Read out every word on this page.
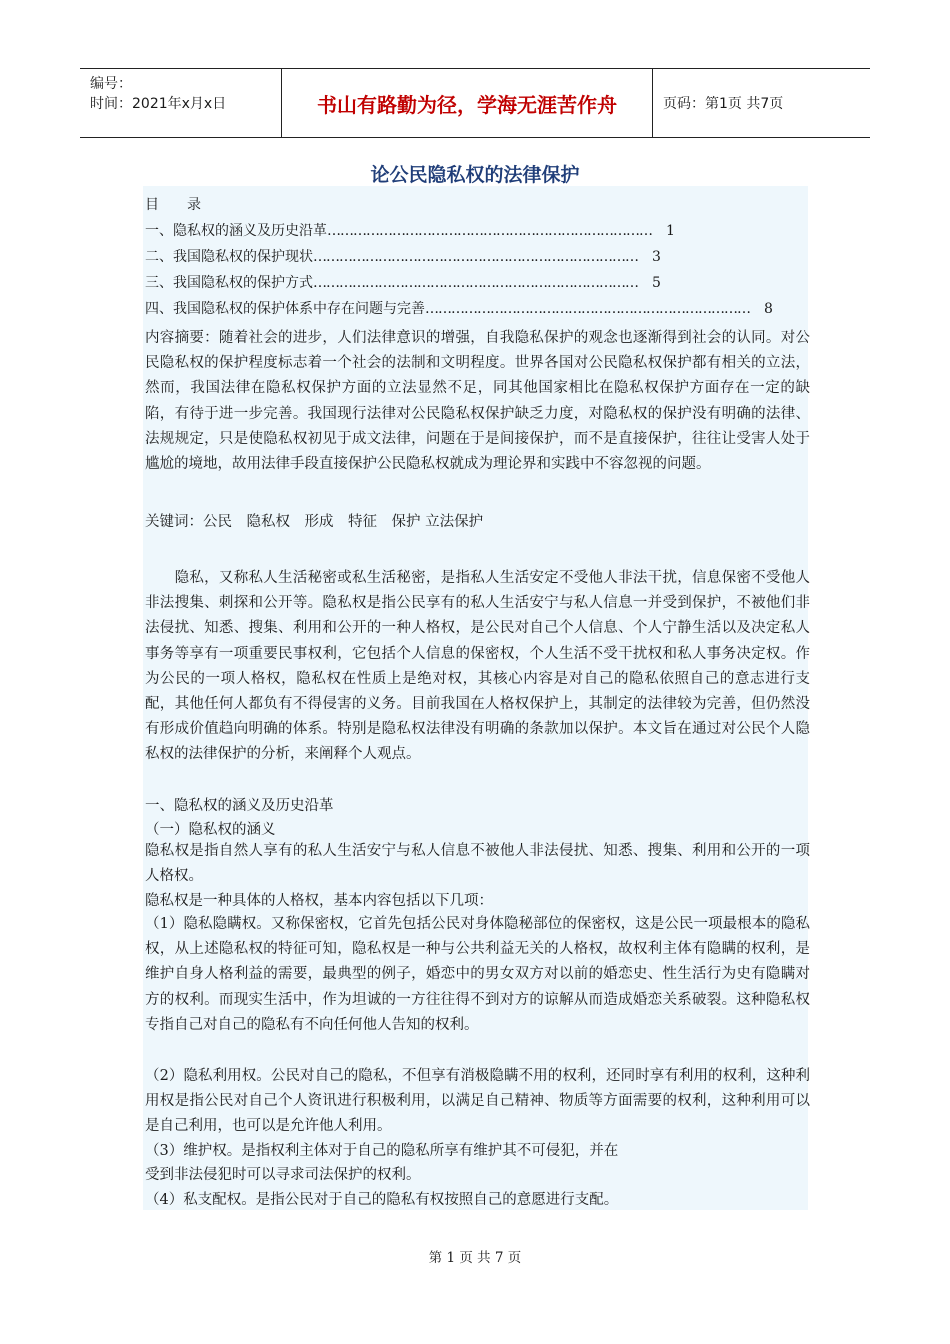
编号：
时间：2021年x月x日	书山有路勤为径，学海无涯苦作舟	页码：第1页 共7页
论公民隐私权的法律保护
目　　录
一、隐私权的涵义及历史沿革 …………………………………………………………………	1
二、我国隐私权的保护现状 …………………………………………………………………	3
三、我国隐私权的保护方式 …………………………………………………………………	5
四、我国隐私权的保护体系中存在问题与完善 …………………………………………………………………	8

内容摘要：随着社会的进步，人们法律意识的增强，自我隐私保护的观念也逐渐得到社会的认同。对公民隐私权的保护程度标志着一个社会的法制和文明程度。世界各国对公民隐私权保护都有相关的立法，然而，我国法律在隐私权保护方面的立法显然不足，同其他国家相比在隐私权保护方面存在一定的缺陷，有待于进一步完善。我国现行法律对公民隐私权保护缺乏力度，对隐私权的保护没有明确的法律、法规规定，只是使隐私权初见于成文法律，问题在于是间接保护，而不是直接保护，往往让受害人处于尴尬的境地，故用法律手段直接保护公民隐私权就成为理论界和实践中不容忽视的问题。

关键词：公民　隐私权　形成　特征　保护 立法保护

　　隐私，又称私人生活秘密或私生活秘密，是指私人生活安定不受他人非法干扰，信息保密不受他人非法搜集、刺探和公开等。隐私权是指公民享有的私人生活安宁与私人信息一并受到保护，不被他们非法侵扰、知悉、搜集、利用和公开的一种人格权，是公民对自己个人信息、个人宁静生活以及决定私人事务等享有一项重要民事权利，它包括个人信息的保密权，个人生活不受干扰权和私人事务决定权。作为公民的一项人格权，隐私权在性质上是绝对权，其核心内容是对自己的隐私依照自己的意志进行支配，其他任何人都负有不得侵害的义务。目前我国在人格权保护上，其制定的法律较为完善，但仍然没有形成价值趋向明确的体系。特别是隐私权法律没有明确的条款加以保护。本文旨在通过对公民个人隐私权的法律保护的分析，来阐释个人观点。

一、隐私权的涵义及历史沿革
（一）隐私权的涵义

隐私权是指自然人享有的私人生活安宁与私人信息不被他人非法侵扰、知悉、搜集、利用和公开的一项人格权。

隐私权是一种具体的人格权，基本内容包括以下几项：

（1）隐私隐瞒权。又称保密权，它首先包括公民对身体隐秘部位的保密权，这是公民一项最根本的隐私权，从上述隐私权的特征可知，隐私权是一种与公共利益无关的人格权，故权利主体有隐瞒的权利，是维护自身人格利益的需要，最典型的例子，婚恋中的男女双方对以前的婚恋史、性生活行为史有隐瞒对方的权利。而现实生活中，作为坦诚的一方往往得不到对方的谅解从而造成婚恋关系破裂。这种隐私权专指自己对自己的隐私有不向任何他人告知的权利。

（2）隐私利用权。公民对自己的隐私，不但享有消极隐瞒不用的权利，还同时享有利用的权利，这种利用权是指公民对自己个人资讯进行积极利用，以满足自己精神、物质等方面需要的权利，这种利用可以是自己利用，也可以是允许他人利用。

（3）维护权。是指权利主体对于自己的隐私所享有维护其不可侵犯，并在
受到非法侵犯时可以寻求司法保护的权利。
（4）私支配权。是指公民对于自己的隐私有权按照自己的意愿进行支配。
第 1 页 共 7 页
